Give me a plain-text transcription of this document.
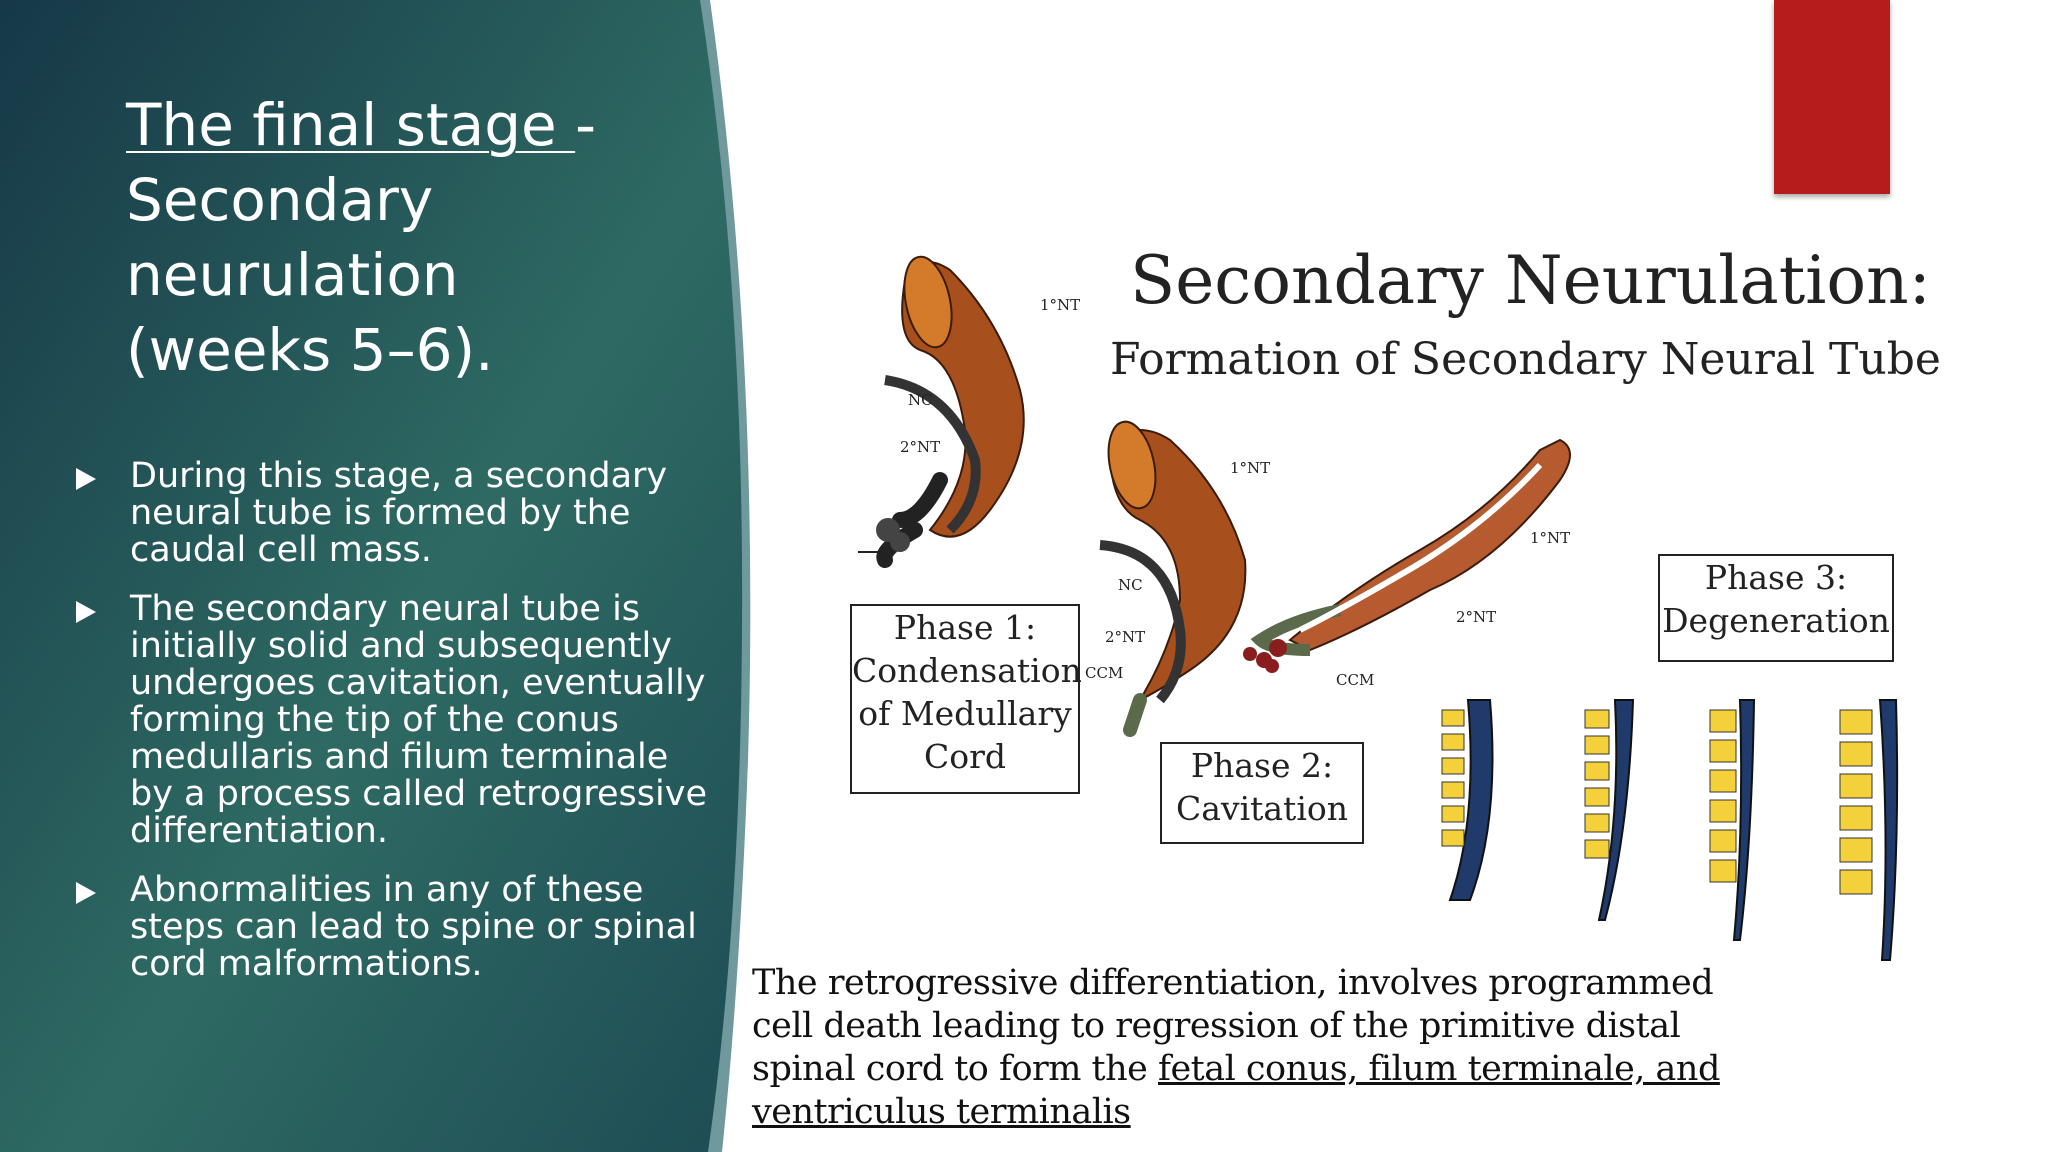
The final stage -
Secondary
neurulation
(weeks 5–6).
During this stage, a secondary neural tube is formed by the caudal cell mass.
The secondary neural tube is initially solid and subsequently undergoes cavitation, eventually forming the tip of the conus medullaris and filum terminale by a process called retrogressive differentiation.
Abnormalities in any of these steps can lead to spine or spinal cord malformations.
Secondary Neurulation:
Formation of Secondary Neural Tube
1°NT
NC
2°NT
1°NT
NC
2°NT
CCM
1°NT
2°NT
CCM
Phase 1:
Condensation
of Medullary
Cord	Phase 2:
Cavitation
Phase 3:
Degeneration
The retrogressive differentiation, involves programmed cell death leading to regression of the primitive distal spinal cord to form the fetal conus, filum terminale, and ventriculus terminalis
